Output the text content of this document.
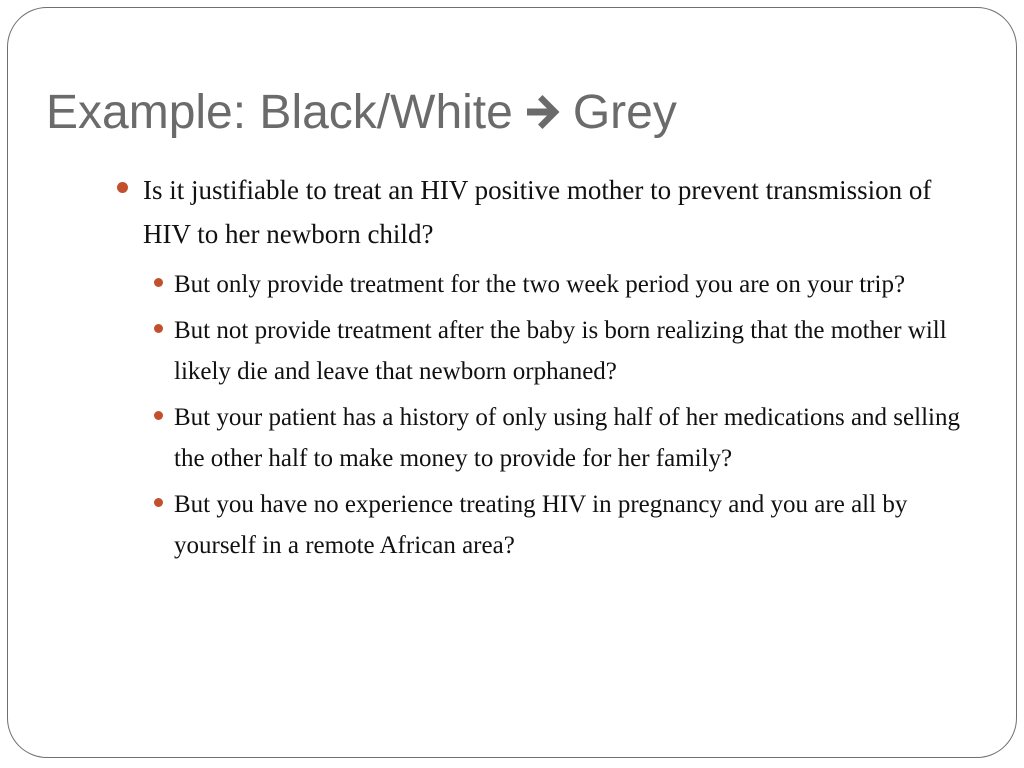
Example: Black/White Grey
Is it justifiable to treat an HIV positive mother to prevent transmission of HIV to her newborn child?
But only provide treatment for the two week period you are on your trip?
But not provide treatment after the baby is born realizing that the mother will likely die and leave that newborn orphaned?
But your patient has a history of only using half of her medications and selling the other half to make money to provide for her family?
But you have no experience treating HIV in pregnancy and you are all by yourself in a remote African area?
